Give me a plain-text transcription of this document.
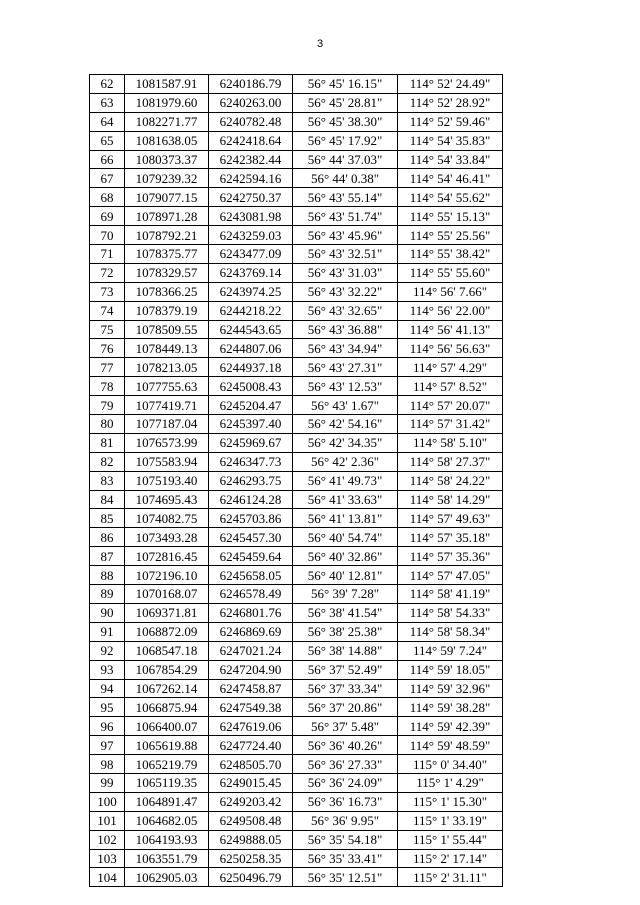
3
62	1081587.91	6240186.79	56° 45' 16.15"	114° 52' 24.49"
63	1081979.60	6240263.00	56° 45' 28.81"	114° 52' 28.92"
64	1082271.77	6240782.48	56° 45' 38.30"	114° 52' 59.46"
65	1081638.05	6242418.64	56° 45' 17.92"	114° 54' 35.83"
66	1080373.37	6242382.44	56° 44' 37.03"	114° 54' 33.84"
67	1079239.32	6242594.16	56° 44' 0.38"	114° 54' 46.41"
68	1079077.15	6242750.37	56° 43' 55.14"	114° 54' 55.62"
69	1078971.28	6243081.98	56° 43' 51.74"	114° 55' 15.13"
70	1078792.21	6243259.03	56° 43' 45.96"	114° 55' 25.56"
71	1078375.77	6243477.09	56° 43' 32.51"	114° 55' 38.42"
72	1078329.57	6243769.14	56° 43' 31.03"	114° 55' 55.60"
73	1078366.25	6243974.25	56° 43' 32.22"	114° 56' 7.66"
74	1078379.19	6244218.22	56° 43' 32.65"	114° 56' 22.00"
75	1078509.55	6244543.65	56° 43' 36.88"	114° 56' 41.13"
76	1078449.13	6244807.06	56° 43' 34.94"	114° 56' 56.63"
77	1078213.05	6244937.18	56° 43' 27.31"	114° 57' 4.29"
78	1077755.63	6245008.43	56° 43' 12.53"	114° 57' 8.52"
79	1077419.71	6245204.47	56° 43' 1.67"	114° 57' 20.07"
80	1077187.04	6245397.40	56° 42' 54.16"	114° 57' 31.42"
81	1076573.99	6245969.67	56° 42' 34.35"	114° 58' 5.10"
82	1075583.94	6246347.73	56° 42' 2.36"	114° 58' 27.37"
83	1075193.40	6246293.75	56° 41' 49.73"	114° 58' 24.22"
84	1074695.43	6246124.28	56° 41' 33.63"	114° 58' 14.29"
85	1074082.75	6245703.86	56° 41' 13.81"	114° 57' 49.63"
86	1073493.28	6245457.30	56° 40' 54.74"	114° 57' 35.18"
87	1072816.45	6245459.64	56° 40' 32.86"	114° 57' 35.36"
88	1072196.10	6245658.05	56° 40' 12.81"	114° 57' 47.05"
89	1070168.07	6246578.49	56° 39' 7.28"	114° 58' 41.19"
90	1069371.81	6246801.76	56° 38' 41.54"	114° 58' 54.33"
91	1068872.09	6246869.69	56° 38' 25.38"	114° 58' 58.34"
92	1068547.18	6247021.24	56° 38' 14.88"	114° 59' 7.24"
93	1067854.29	6247204.90	56° 37' 52.49"	114° 59' 18.05"
94	1067262.14	6247458.87	56° 37' 33.34"	114° 59' 32.96"
95	1066875.94	6247549.38	56° 37' 20.86"	114° 59' 38.28"
96	1066400.07	6247619.06	56° 37' 5.48"	114° 59' 42.39"
97	1065619.88	6247724.40	56° 36' 40.26"	114° 59' 48.59"
98	1065219.79	6248505.70	56° 36' 27.33"	115° 0' 34.40"
99	1065119.35	6249015.45	56° 36' 24.09"	115° 1' 4.29"
100	1064891.47	6249203.42	56° 36' 16.73"	115° 1' 15.30"
101	1064682.05	6249508.48	56° 36' 9.95"	115° 1' 33.19"
102	1064193.93	6249888.05	56° 35' 54.18"	115° 1' 55.44"
103	1063551.79	6250258.35	56° 35' 33.41"	115° 2' 17.14"
104	1062905.03	6250496.79	56° 35' 12.51"	115° 2' 31.11"
